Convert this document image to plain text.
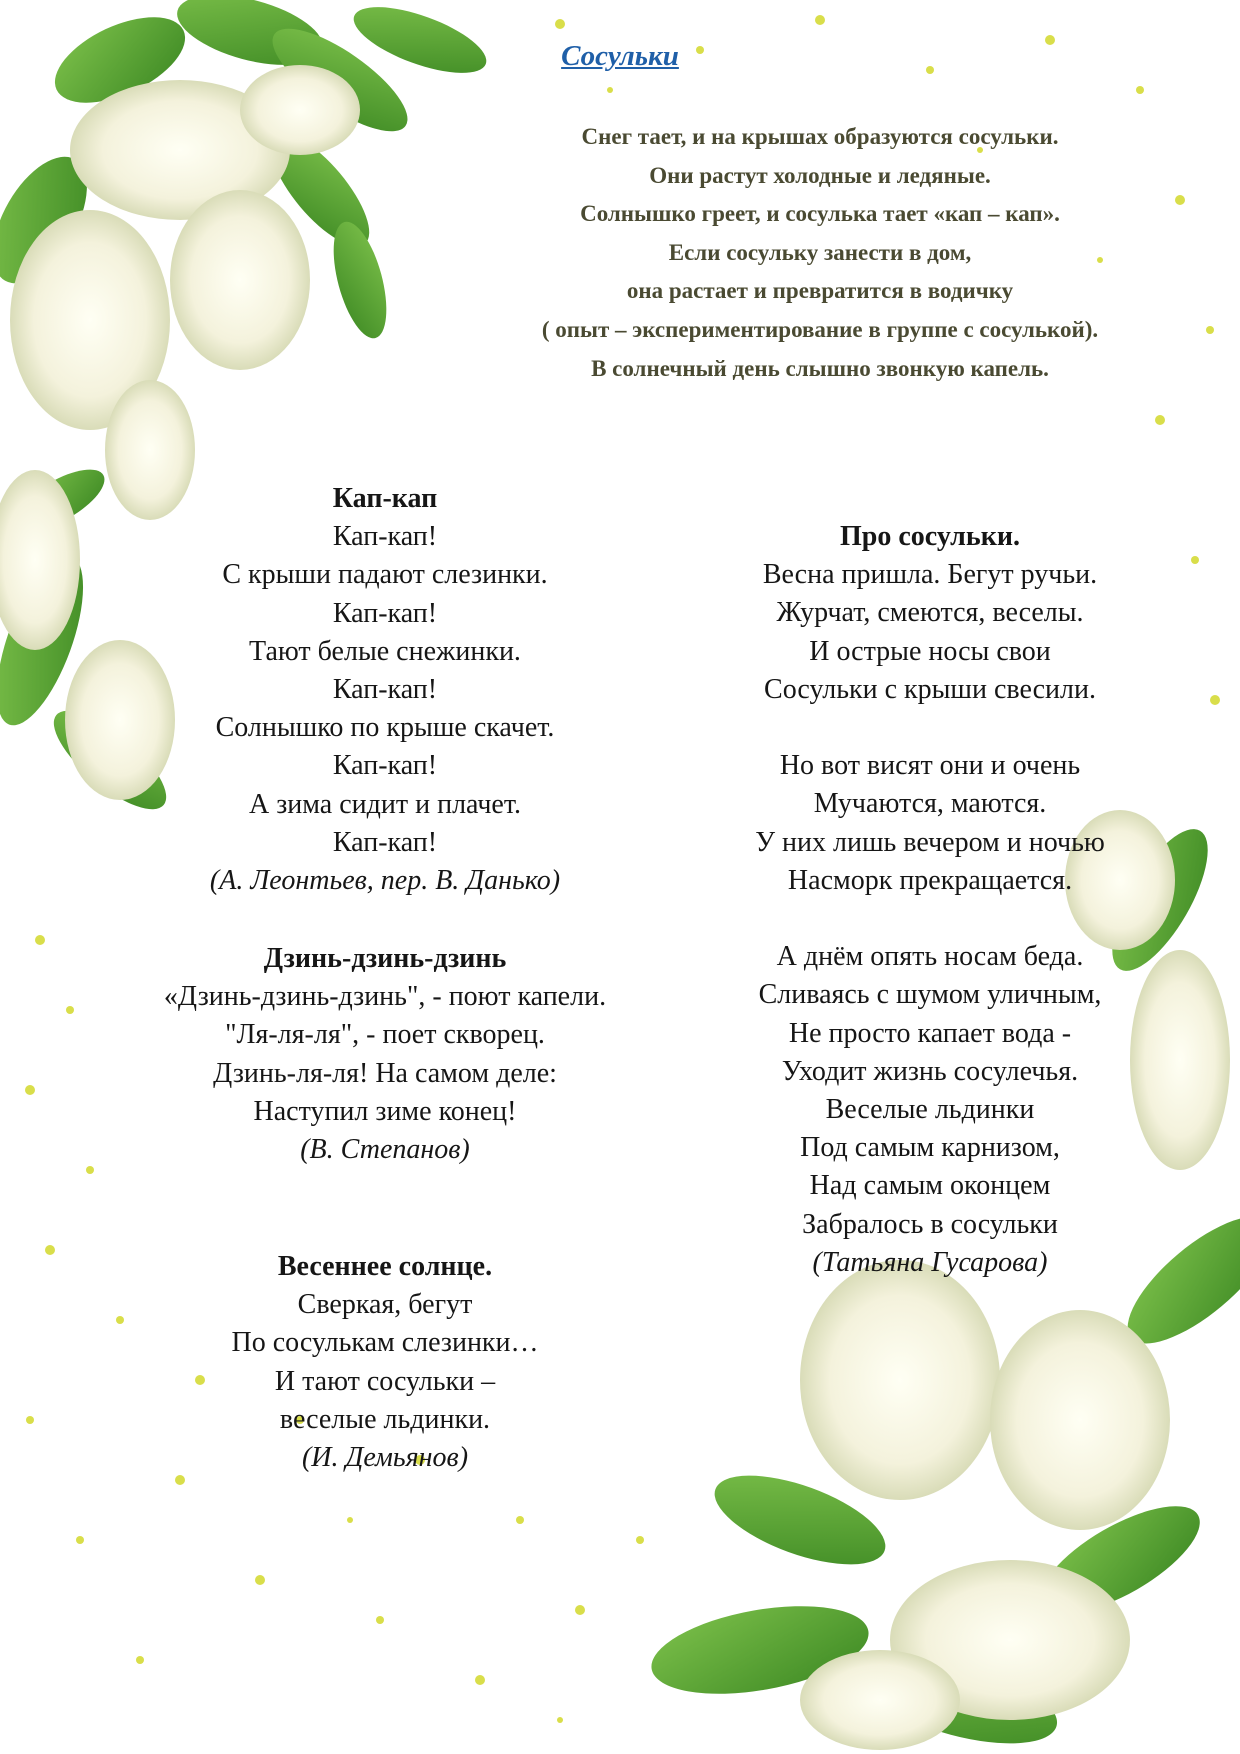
Сосульки
Снег тает, и на крышах образуются сосульки.
Они растут холодные и ледяные.
Солнышко греет, и сосулька тает «кап – кап».
Если сосульку занести в дом,
она растает и превратится в водичку
( опыт – экспериментирование в группе с сосулькой).
В солнечный день слышно звонкую капель.
Кап-кап
Кап-кап!
С крыши падают слезинки.
Кап-кап!
Тают белые снежинки.
Кап-кап!
Солнышко по крыше скачет.
Кап-кап!
А зима сидит и плачет.
Кап-кап!
(А. Леонтьев, пер. В. Данько)
Дзинь-дзинь-дзинь
«Дзинь-дзинь-дзинь", - поют капели.
"Ля-ля-ля", - поет скворец.
Дзинь-ля-ля! На самом деле:
Наступил зиме конец!
(В. Степанов)
Весеннее солнце.
Сверкая, бегут
По сосулькам слезинки…
И тают сосульки –
веселые льдинки.
(И. Демьянов)
Про сосульки.
Весна пришла. Бегут ручьи.
Журчат, смеются, веселы.
И острые носы свои
Сосульки с крыши свесили.
Но вот висят они и очень
Мучаются, маются.
У них лишь вечером и ночью
Насморк прекращается.
А днём опять носам беда.
Сливаясь с шумом уличным,
Не просто капает вода -
Уходит жизнь сосулечья.
Веселые льдинки
Под самым карнизом,
Над самым оконцем
Забралось в сосульки
(Татьяна Гусарова)
